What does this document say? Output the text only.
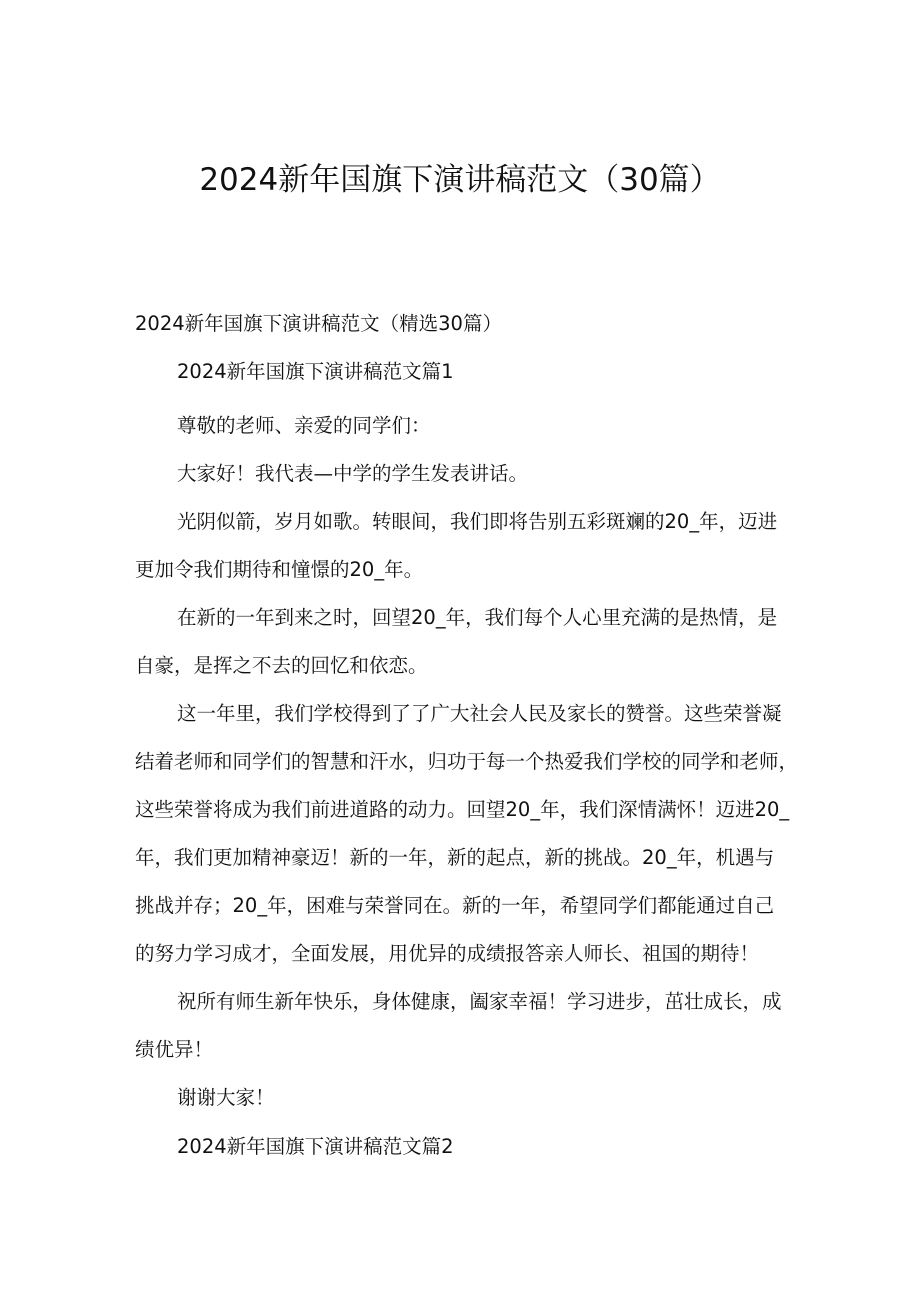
2024新年国旗下演讲稿范文（30篇）
2024新年国旗下演讲稿范文（精选30篇）
2024新年国旗下演讲稿范文篇1
尊敬的老师、亲爱的同学们：
大家好！我代表—中学的学生发表讲话。
光阴似箭，岁月如歌。转眼间，我们即将告别五彩斑斓的20_年，迈进
更加令我们期待和憧憬的20_年。
在新的一年到来之时，回望20_年，我们每个人心里充满的是热情，是
自豪，是挥之不去的回忆和依恋。
这一年里，我们学校得到了了广大社会人民及家长的赞誉。这些荣誉凝
结着老师和同学们的智慧和汗水，归功于每一个热爱我们学校的同学和老师，
这些荣誉将成为我们前进道路的动力。回望20_年，我们深情满怀！迈进20_
年，我们更加精神豪迈！新的一年，新的起点，新的挑战。20_年，机遇与
挑战并存；20_年，困难与荣誉同在。新的一年，希望同学们都能通过自己
的努力学习成才，全面发展，用优异的成绩报答亲人师长、祖国的期待！
祝所有师生新年快乐，身体健康，阖家幸福！学习进步，茁壮成长，成
绩优异！
谢谢大家！
2024新年国旗下演讲稿范文篇2
